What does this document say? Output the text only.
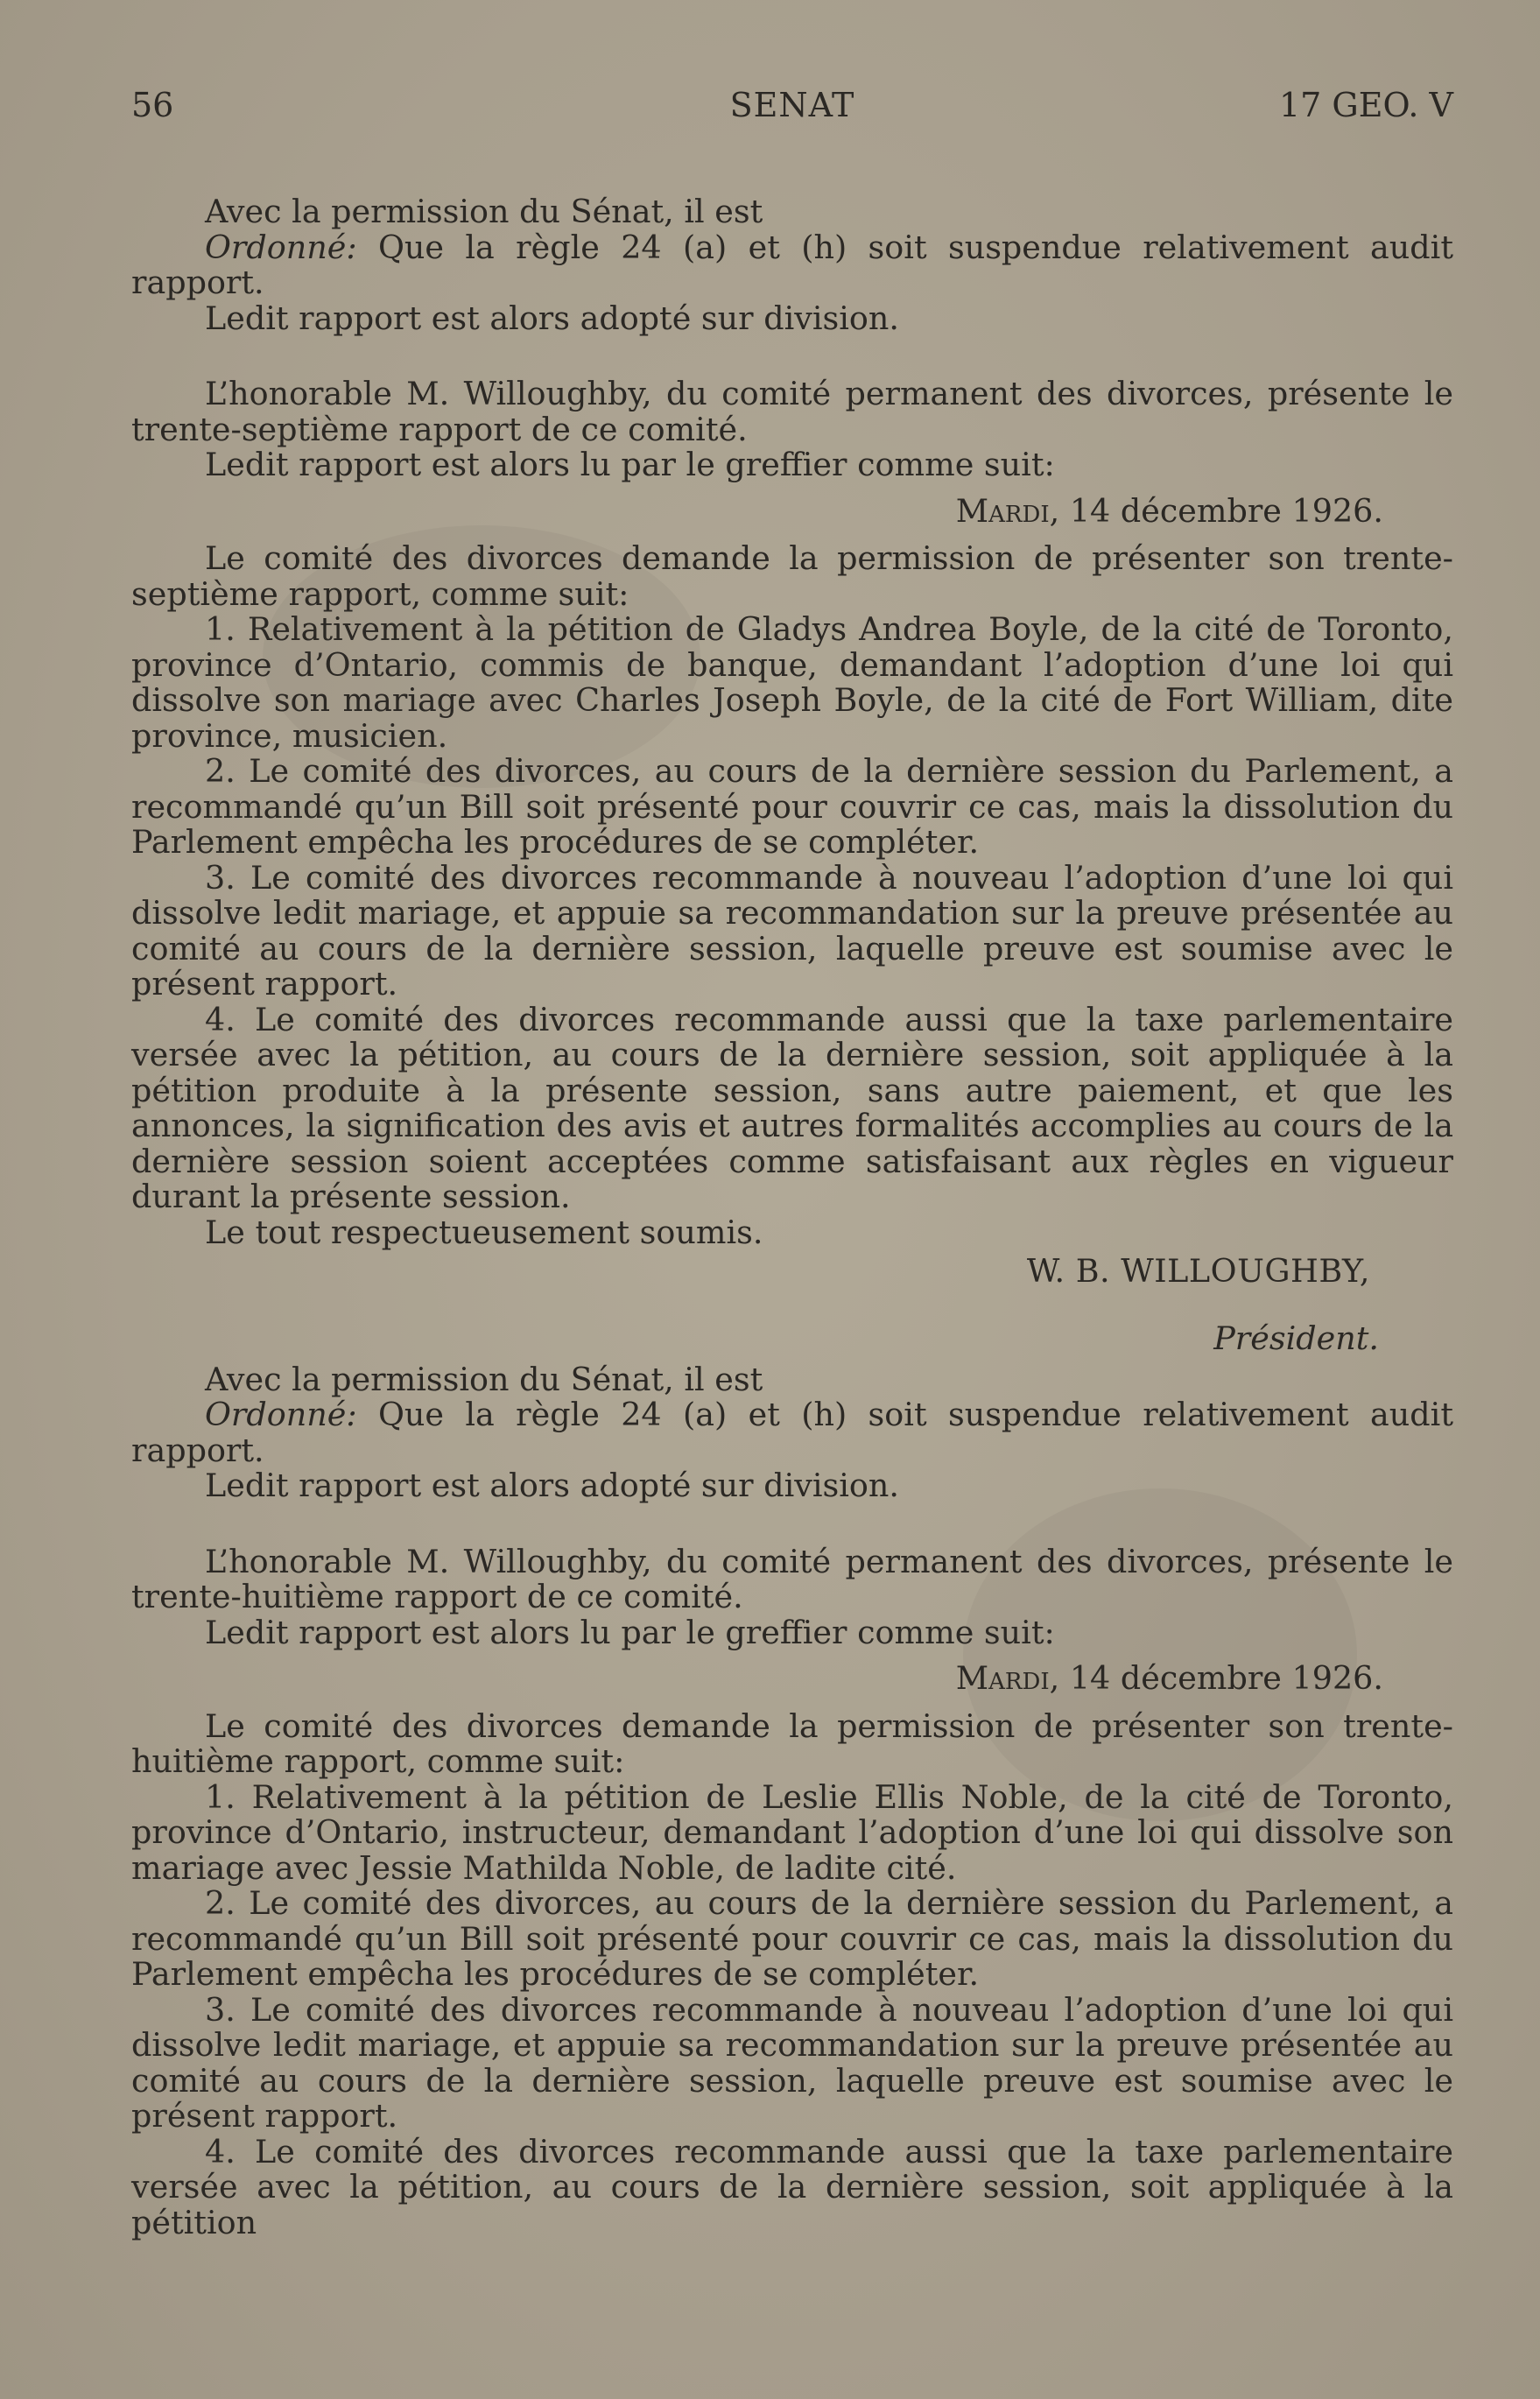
56	SENAT	17 GEO. V

Avec la permission du Sénat, il est

Ordonné: Que la règle 24 (a) et (h) soit suspendue relativement audit rapport.

Ledit rapport est alors adopté sur division.

L’honorable M. Willoughby, du comité permanent des divorces, présente le trente-septième rapport de ce comité.

Ledit rapport est alors lu par le greffier comme suit:

Mardi, 14 décembre 1926.

Le comité des divorces demande la permission de présenter son trente-septième rapport, comme suit:

1. Relativement à la pétition de Gladys Andrea Boyle, de la cité de Toronto, province d’Ontario, commis de banque, demandant l’adoption d’une loi qui dissolve son mariage avec Charles Joseph Boyle, de la cité de Fort William, dite province, musicien.

2. Le comité des divorces, au cours de la dernière session du Parlement, a recommandé qu’un Bill soit présenté pour couvrir ce cas, mais la dissolution du Parlement empêcha les procédures de se compléter.

3. Le comité des divorces recommande à nouveau l’adoption d’une loi qui dissolve ledit mariage, et appuie sa recommandation sur la preuve présentée au comité au cours de la dernière session, laquelle preuve est soumise avec le présent rapport.

4. Le comité des divorces recommande aussi que la taxe parlementaire versée avec la pétition, au cours de la dernière session, soit appliquée à la pétition produite à la présente session, sans autre paiement, et que les annonces, la signification des avis et autres formalités accomplies au cours de la dernière session soient acceptées comme satisfaisant aux règles en vigueur durant la présente session.

Le tout respectueusement soumis.

W. B. WILLOUGHBY,

Président.

Avec la permission du Sénat, il est

Ordonné: Que la règle 24 (a) et (h) soit suspendue relativement audit rapport.

Ledit rapport est alors adopté sur division.

L’honorable M. Willoughby, du comité permanent des divorces, présente le trente-huitième rapport de ce comité.

Ledit rapport est alors lu par le greffier comme suit:

Mardi, 14 décembre 1926.

Le comité des divorces demande la permission de présenter son trente-huitième rapport, comme suit:

1. Relativement à la pétition de Leslie Ellis Noble, de la cité de Toronto, province d’Ontario, instructeur, demandant l’adoption d’une loi qui dissolve son mariage avec Jessie Mathilda Noble, de ladite cité.

2. Le comité des divorces, au cours de la dernière session du Parlement, a recommandé qu’un Bill soit présenté pour couvrir ce cas, mais la dissolution du Parlement empêcha les procédures de se compléter.

3. Le comité des divorces recommande à nouveau l’adoption d’une loi qui dissolve ledit mariage, et appuie sa recommandation sur la preuve présentée au comité au cours de la dernière session, laquelle preuve est soumise avec le présent rapport.

4. Le comité des divorces recommande aussi que la taxe parlementaire versée avec la pétition, au cours de la dernière session, soit appliquée à la pétition
